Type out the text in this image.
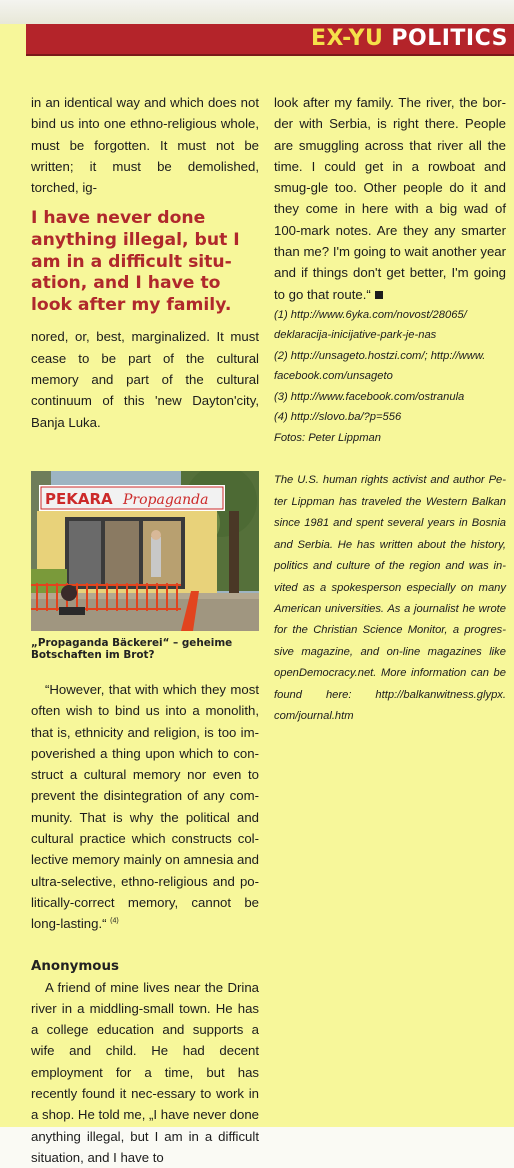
EX-YU POLITICS

in an identical way and which does not bind us into one ethno-religious whole, must be forgotten. It must not be written; it must be demolished, torched, ig-

I have never done anything illegal, but I am in a difficult situ-ation, and I have to look after my family.

nored, or, best, marginalized. It must cease to be part of the cultural memory and part of the cultural continuum of this 'new Dayton'city, Banja Luka.

PEKARA Propaganda
„Propaganda Bäckerei“ – geheime Botschaften im Brot?

“However, that with which they most often wish to bind us into a monolith, that is, ethnicity and religion, is too im-poverished a thing upon which to con-struct a cultural memory nor even to prevent the disintegration of any com-munity. That is why the political and cultural practice which constructs col-lective memory mainly on amnesia and ultra-selective, ethno-religious and po-litically-correct memory, cannot be long-lasting.“ $^{(4)}$

Anonymous

A friend of mine lives near the Drina river in a middling-small town. He has a college education and supports a wife and child. He had decent employment for a time, but has recently found it nec-essary to work in a shop. He told me, „I have never done anything illegal, but I am in a difficult situation, and I have to

look after my family. The river, the bor-der with Serbia, is right there. People are smuggling across that river all the time. I could get in a rowboat and smug-gle too. Other people do it and they come in here with a big wad of 100-mark notes. Are they any smarter than me? I'm going to wait another year and if things don't get better, I'm going to go that route.“

(1) http://www.6yka.com/novost/28065/
deklaracija-inicijative-park-je-nas
(2) http://unsageto.hostzi.com/; http://www.
facebook.com/unsageto
(3) http://www.facebook.com/ostranula
(4) http://slovo.ba/?p=556
Fotos: Peter Lippman

The U.S. human rights activist and author Pe-ter Lippman has traveled the Western Balkan since 1981 and spent several years in Bosnia and Serbia. He has written about the history, politics and culture of the region and was in-vited as a spokesperson especially on many American universities. As a journalist he wrote for the Christian Science Monitor, a progres-sive magazine, and on-line magazines like openDemocracy.net. More information can be found here: http://balkanwitness.glypx. com/journal.htm
